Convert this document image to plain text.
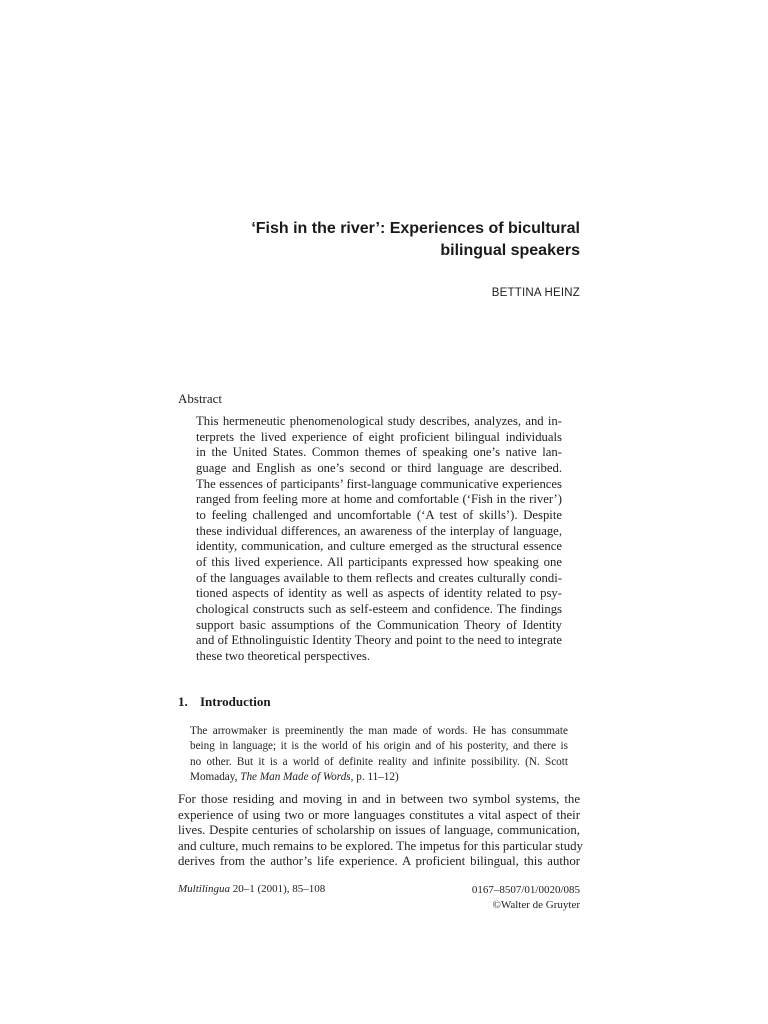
‘Fish in the river’: Experiences of bicultural
bilingual speakers
BETTINA HEINZ
Abstract
This hermeneutic phenomenological study describes, analyzes, and in-
terprets the lived experience of eight proficient bilingual individuals
in the United States. Common themes of speaking one’s native lan-
guage and English as one’s second or third language are described.
The essences of participants’ first-language communicative experiences
ranged from feeling more at home and comfortable (‘Fish in the river’)
to feeling challenged and uncomfortable (‘A test of skills’). Despite
these individual differences, an awareness of the interplay of language,
identity, communication, and culture emerged as the structural essence
of this lived experience. All participants expressed how speaking one
of the languages available to them reflects and creates culturally condi-
tioned aspects of identity as well as aspects of identity related to psy-
chological constructs such as self-esteem and confidence. The findings
support basic assumptions of the Communication Theory of Identity
and of Ethnolinguistic Identity Theory and point to the need to integrate
these two theoretical perspectives.
1. Introduction
The arrowmaker is preeminently the man made of words. He has consummate
being in language; it is the world of his origin and of his posterity, and there is
no other. But it is a world of definite reality and infinite possibility. (N. Scott
Momaday, The Man Made of Words, p. 11–12)
For those residing and moving in and in between two symbol systems, the
experience of using two or more languages constitutes a vital aspect of their
lives. Despite centuries of scholarship on issues of language, communication,
and culture, much remains to be explored. The impetus for this particular study
derives from the author’s life experience. A proficient bilingual, this author
Multilingua 20–1 (2001), 85–108	0167–8507/01/0020/085
©Walter de Gruyter
